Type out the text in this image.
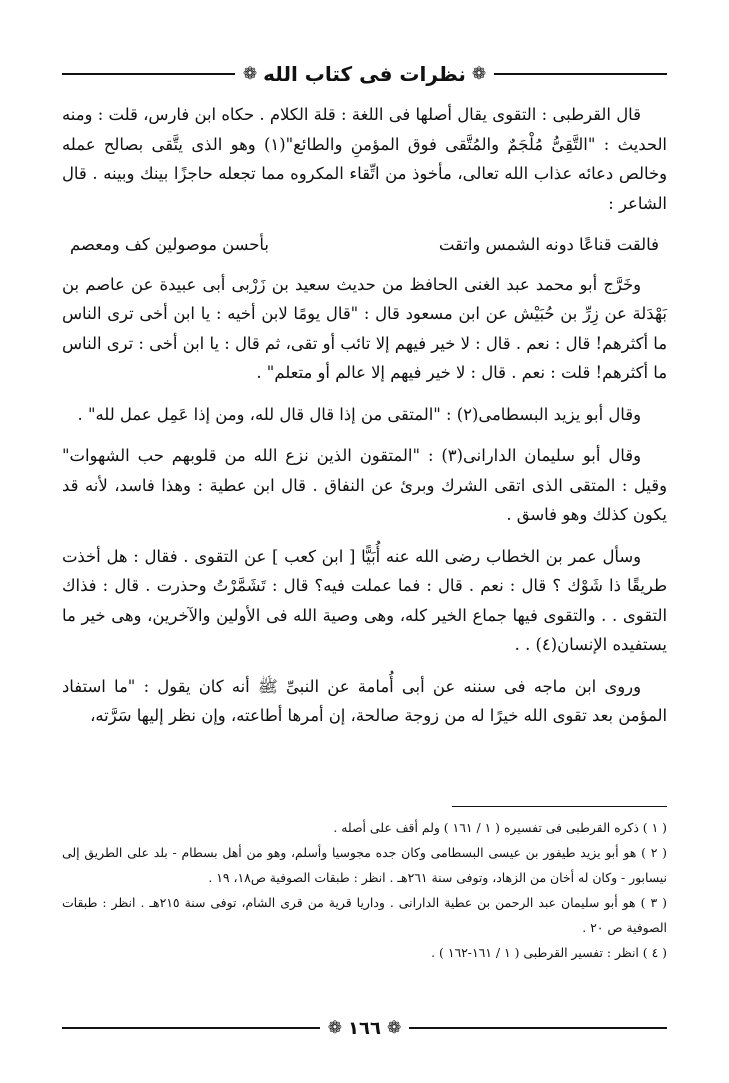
❁
نظرات فى كتاب الله
❁

قال القرطبى : التقوى يقال أصلها فى اللغة : قلة الكلام . حكاه ابن فارس، قلت : ومنه الحديث : "التَّقِىُّ مُلْجَمٌ والمُتَّقى فوق المؤمنِ والطائع"(١) وهو الذى يتَّقى بصالح عمله وخالص دعائه عذاب الله تعالى، مأخوذ من اتِّقاء المكروه مما تجعله حاجزًا بينك وبينه . قال الشاعر :

فالقت قناعًا دونه الشمس واتقت
بأحسن موصولين كف ومعصم

وخَرَّج أبو محمد عبد الغنى الحافظ من حديث سعيد بن زَرْبى أبى عبيدة عن عاصم بن بَهْدَلة عن زِرِّ بن حُبَيْش عن ابن مسعود قال : "قال يومًا لابن أخيه : يا ابن أخى ترى الناس ما أكثرهم! قال : نعم . قال : لا خير فيهم إلا تائب أو تقى، ثم قال : يا ابن أخى : ترى الناس ما أكثرهم! قلت : نعم . قال : لا خير فيهم إلا عالم أو متعلم" .

وقال أبو يزيد البسطامى(٢) : "المتقى من إذا قال قال لله، ومن إذا عَمِل عمل لله" .

وقال أبو سليمان الدارانى(٣) : "المتقون الذين نزع الله من قلوبهم حب الشهوات" وقيل : المتقى الذى اتقى الشرك وبرئ عن النفاق . قال ابن عطية : وهذا فاسد، لأنه قد يكون كذلك وهو فاسق .

وسأل عمر بن الخطاب رضى الله عنه أُبَيًّا [ ابن كعب ] عن التقوى . فقال : هل أخذت طريقًا ذا شَوْك ؟ قال : نعم . قال : فما عملت فيه؟ قال : تَشَمَّرْتُ وحذرت . قال : فذاك التقوى . . والتقوى فيها جماع الخير كله، وهى وصية الله فى الأولين والآخرين، وهى خير ما يستفيده الإنسان(٤) . .

وروى ابن ماجه فى سننه عن أبى أُمامة عن النبىِّ ﷺ أنه كان يقول : "ما استفاد المؤمن بعد تقوى الله خيرًا له من زوجة صالحة، إن أمرها أطاعته، وإن نظر إليها سَرَّته،

( ١ ) ذكره القرطبى فى تفسيره ( ١ / ١٦١ ) ولم أقف على أصله .

( ٢ ) هو أبو يزيد طيفور بن عيسى البسطامى وكان جده مجوسيا وأسلم، وهو من أهل بسطام - بلد على الطريق إلى نيسابور - وكان له أخان من الزهاد، وتوفى سنة ٢٦١هـ . انظر : طبقات الصوفية ص١٨، ١٩ .

( ٣ ) هو أبو سليمان عبد الرحمن بن عطية الدارانى . وداريا قرية من قرى الشام، توفى سنة ٢١٥هـ . انظر : طبقات الصوفية ص ٢٠ .

( ٤ ) انظر : تفسير القرطبى ( ١ / ١٦١-١٦٢ ) .

❁
١٦٦
❁
